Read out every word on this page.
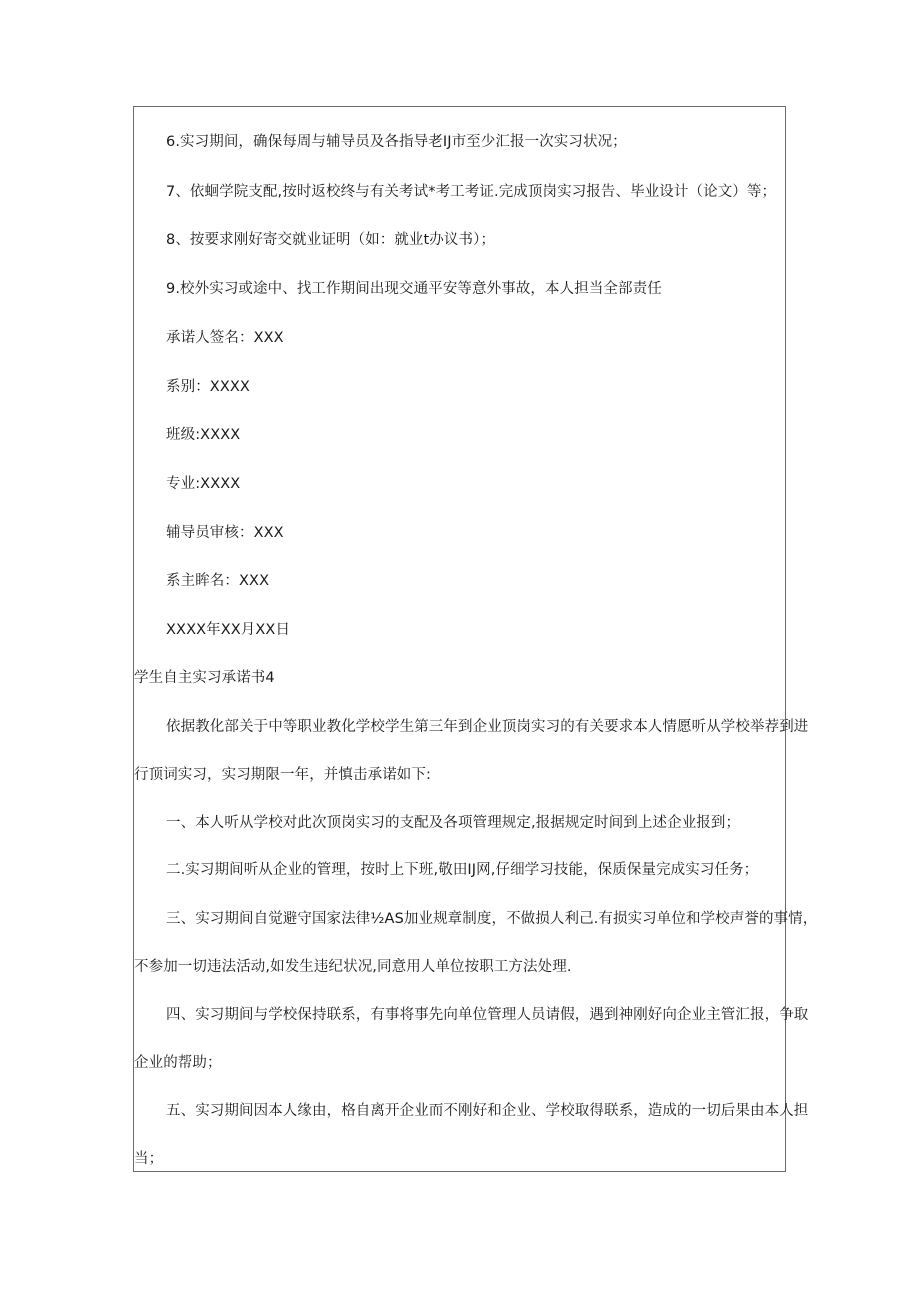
6.实习期间，确保每周与辅导员及各指导老IJ市至少汇报一次实习状况；
7、依蛔学院支配,按时返校终与有关考试*考工考证.完成顶岗实习报告、毕业设计（论文）等；
8、按要求刚好寄交就业证明（如：就业t办议书）；
9.校外实习或途中、找工作期间出现交通平安等意外事故，本人担当全部责任
承诺人签名：XXX
系别：XXXX
班级:XXXX
专业:XXXX
辅导员审核：XXX
系主眸名：XXX
XXXX年XX月XX日
学生自主实习承诺书4
依据教化部关于中等职业教化学校学生第三年到企业顶岗实习的有关要求本人情愿听从学校举荐到进
行顶词实习，实习期限一年，并慎击承诺如下:
一、本人听从学校对此次顶岗实习的支配及各项管理规定,报据规定时间到上述企业报到；
二.实习期间听从企业的管理，按时上下班,敬田IJ网,仔细学习技能，保质保量完成实习任务；
三、实习期间自觉避守国家法律½AS加业规章制度，不做损人利己.有损实习单位和学校声誉的事情，
不参加一切违法活动,如发生违纪状况,同意用人单位按职工方法处理.
四、实习期间与学校保持联系，有事将事先向单位管理人员请假，遇到神刚好向企业主管汇报，争取
企业的帮助；
五、实习期间因本人缘由，格自离开企业而不刚好和企业、学校取得联系，造成的一切后果由本人担
当；
